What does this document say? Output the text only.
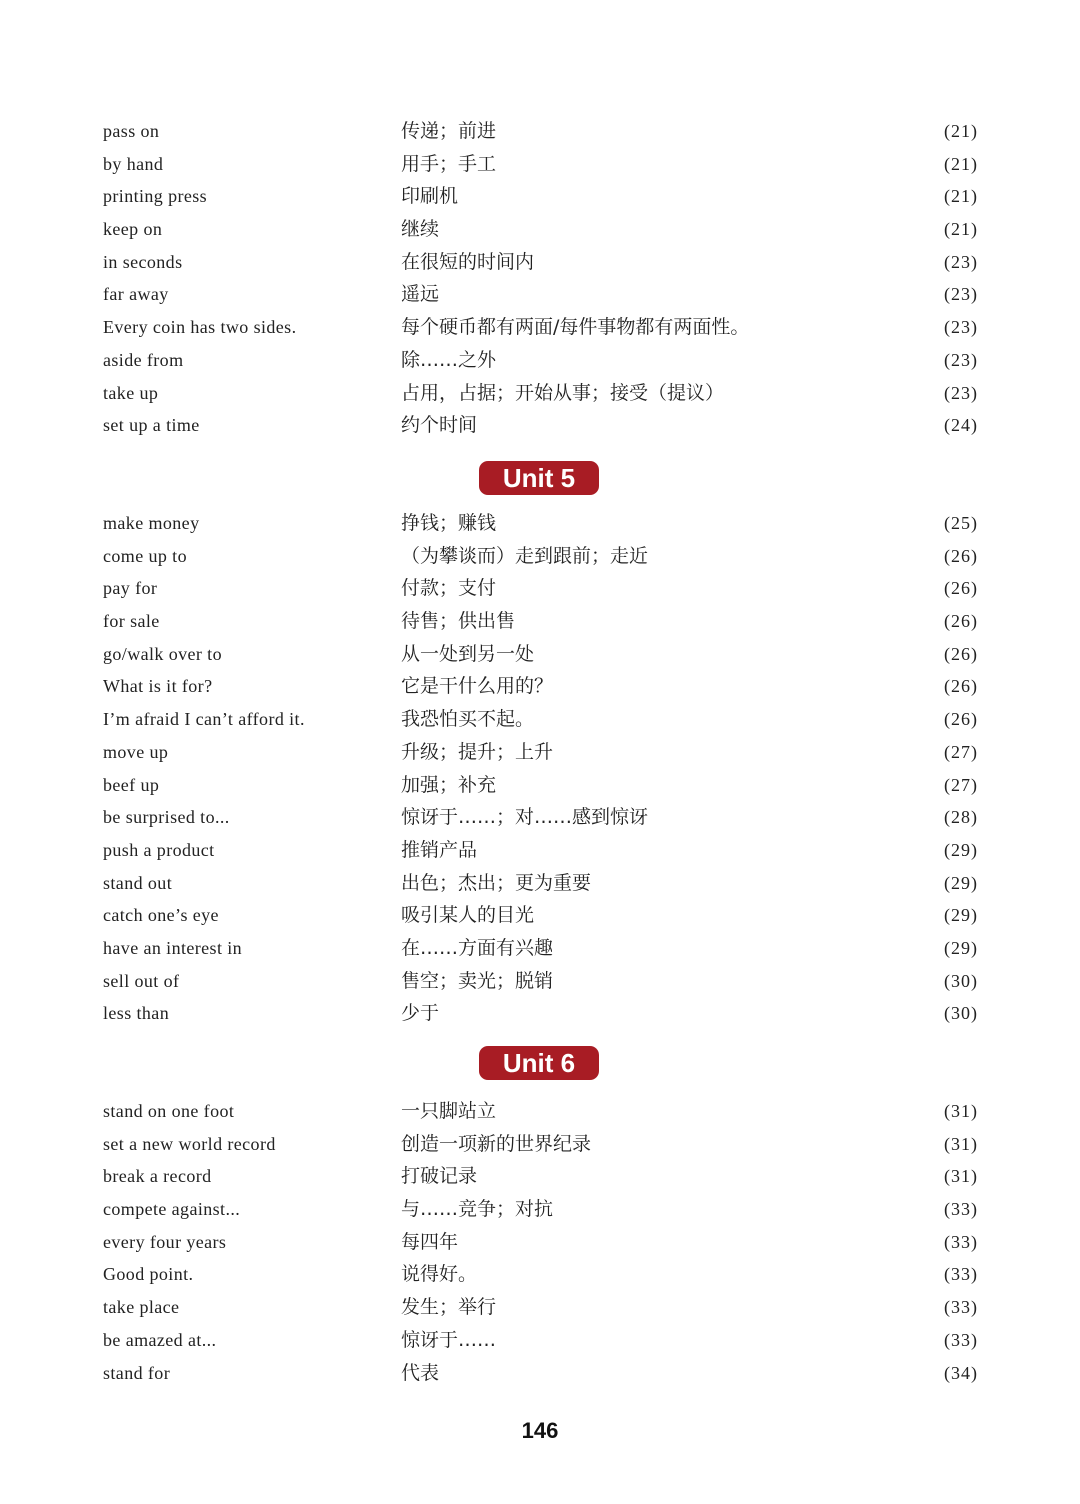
pass on	传递；前进	(21)
by hand	用手；手工	(21)
printing press	印刷机	(21)
keep on	继续	(21)
in seconds	在很短的时间内	(23)
far away	遥远	(23)
Every coin has two sides.	每个硬币都有两面/每件事物都有两面性。	(23)
aside from	除……之外	(23)
take up	占用，占据；开始从事；接受（提议）	(23)
set up a time	约个时间	(24)
Unit 5
make money	挣钱；赚钱	(25)
come up to	（为攀谈而）走到跟前；走近	(26)
pay for	付款；支付	(26)
for sale	待售；供出售	(26)
go/walk over to	从一处到另一处	(26)
What is it for?	它是干什么用的？	(26)
I’m afraid I can’t afford it.	我恐怕买不起。	(26)
move up	升级；提升；上升	(27)
beef up	加强；补充	(27)
be surprised to...	惊讶于……；对……感到惊讶	(28)
push a product	推销产品	(29)
stand out	出色；杰出；更为重要	(29)
catch one’s eye	吸引某人的目光	(29)
have an interest in	在……方面有兴趣	(29)
sell out of	售空；卖光；脱销	(30)
less than	少于	(30)
Unit 6
stand on one foot	一只脚站立	(31)
set a new world record	创造一项新的世界纪录	(31)
break a record	打破记录	(31)
compete against...	与……竞争；对抗	(33)
every four years	每四年	(33)
Good point.	说得好。	(33)
take place	发生；举行	(33)
be amazed at...	惊讶于……	(33)
stand for	代表	(34)
146
